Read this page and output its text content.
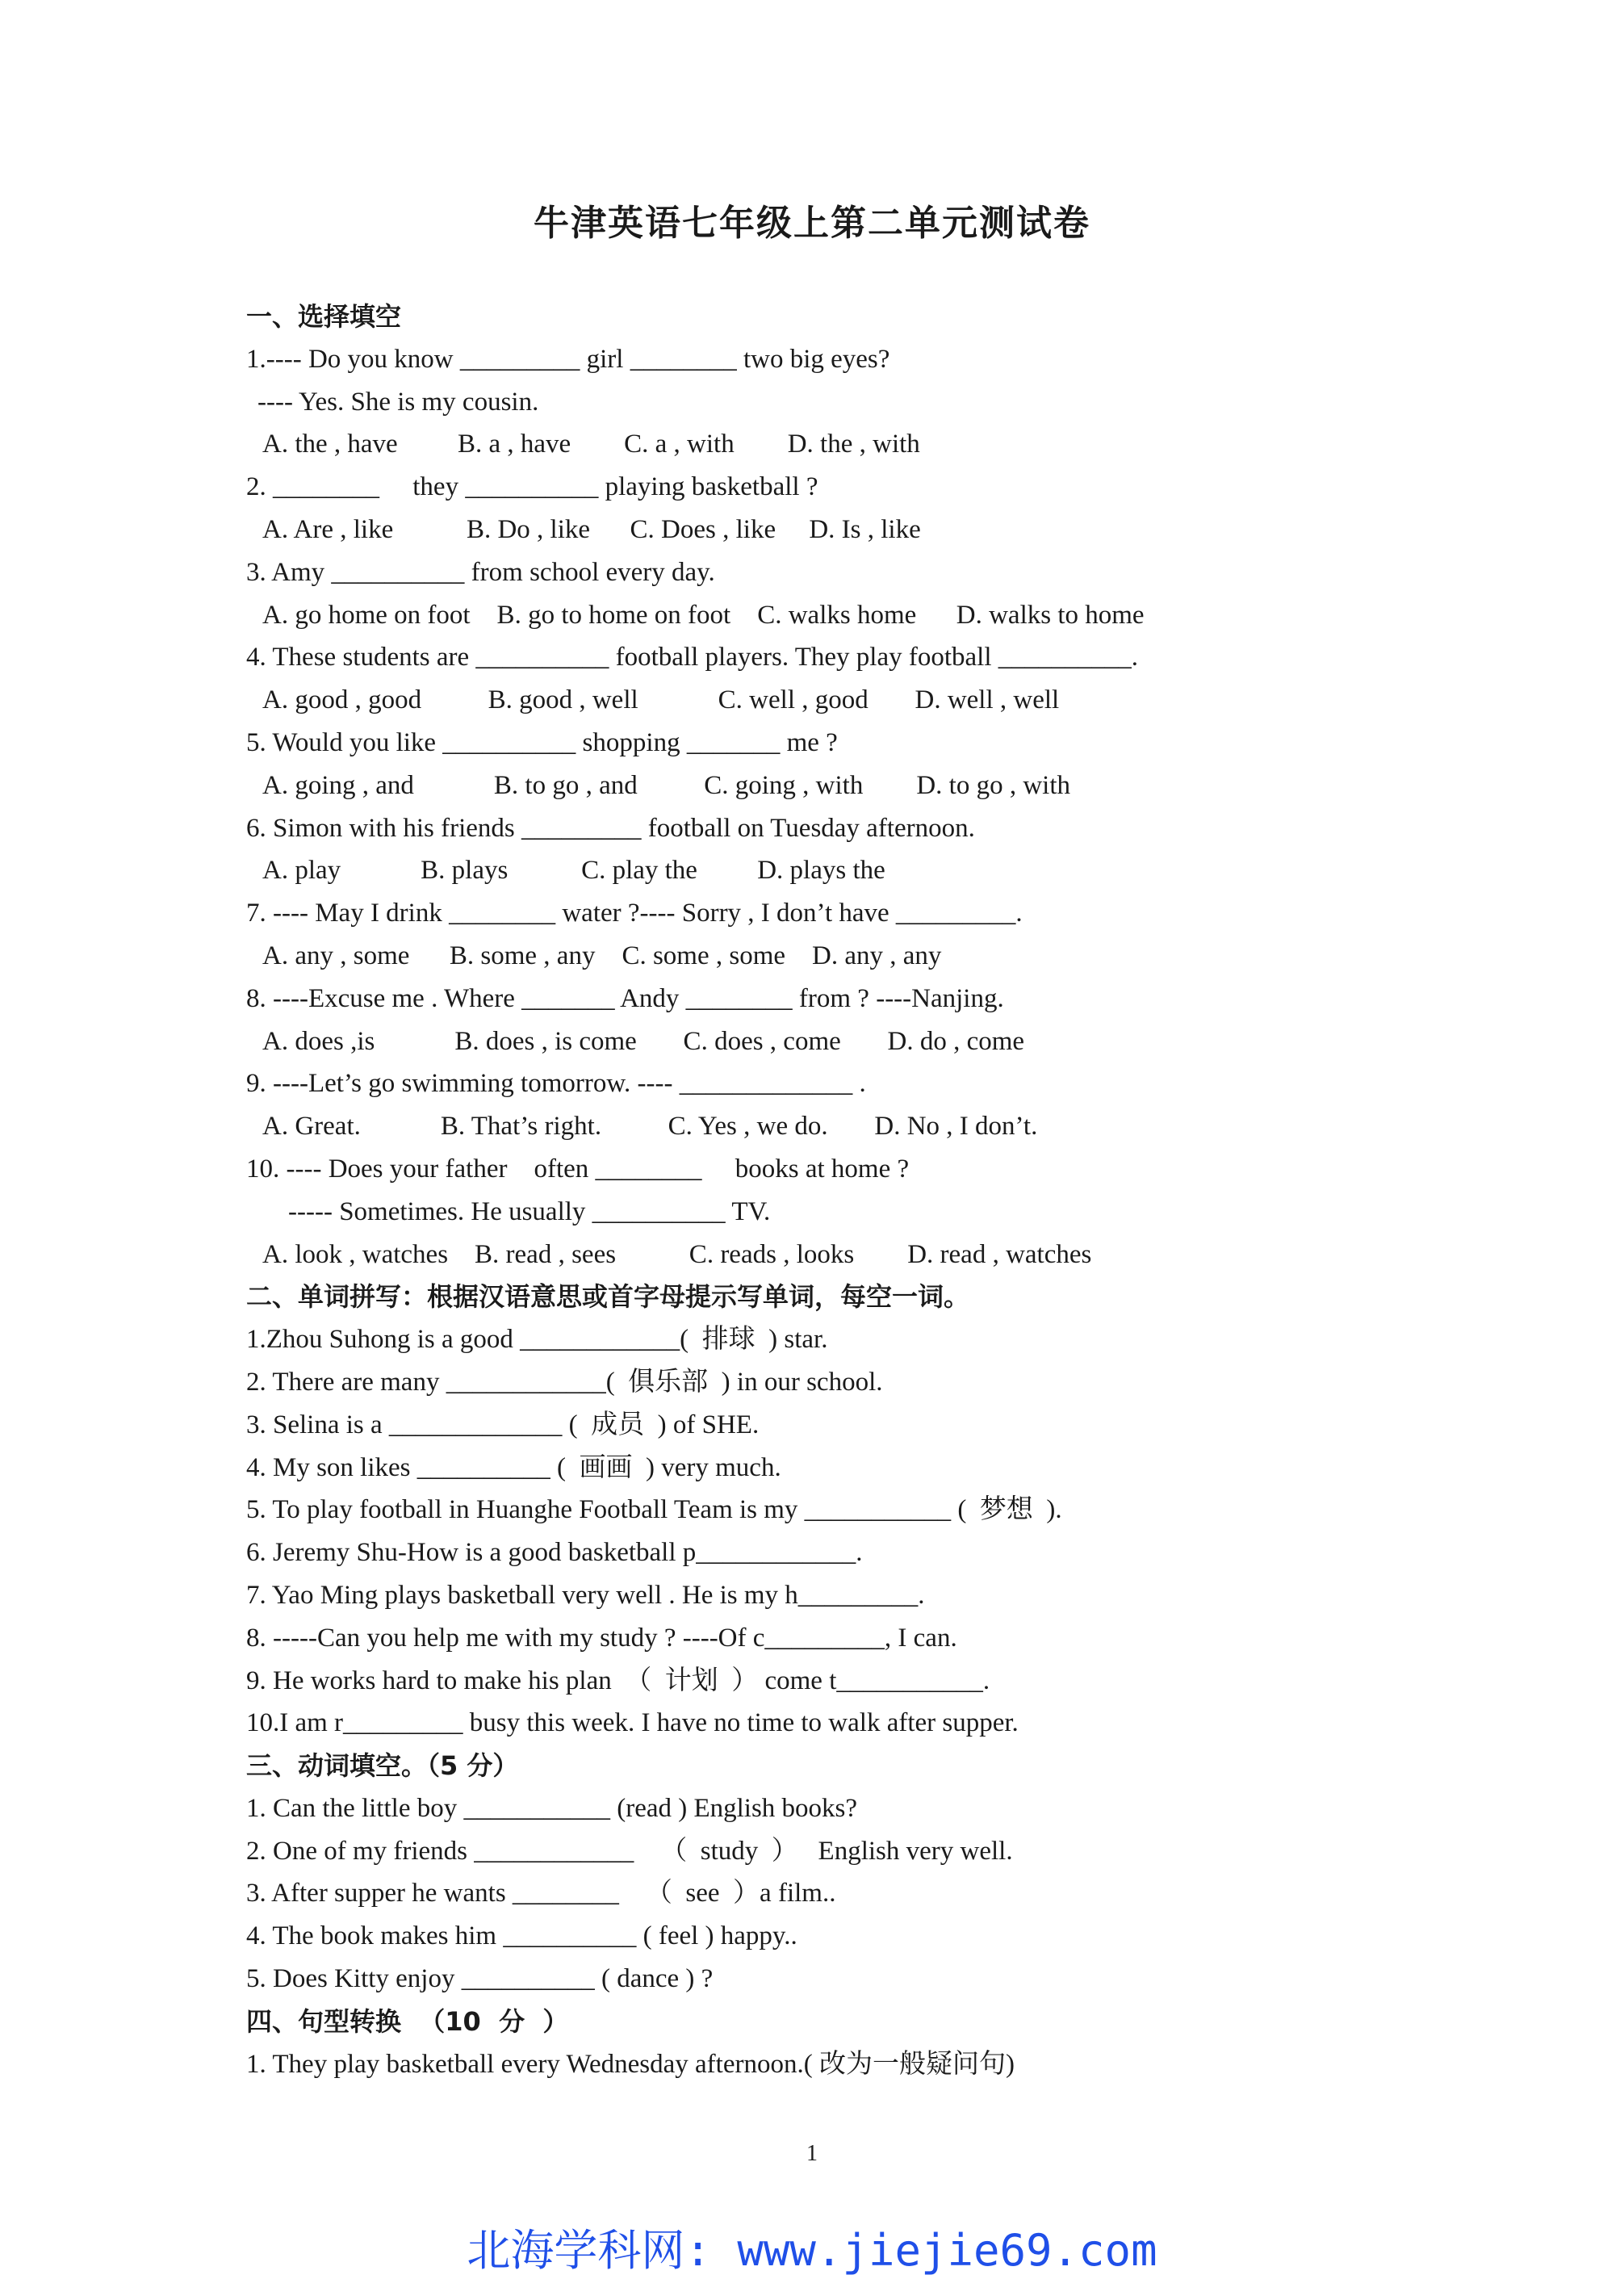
牛津英语七年级上第二单元测试卷
一、选择填空
1.---- Do you know _________ girl ________ two big eyes?
---- Yes. She is my cousin.
A. the , have         B. a , have        C. a , with        D. the , with
2. ________     they __________ playing basketball ?
A. Are , like           B. Do , like      C. Does , like     D. Is , like
3. Amy __________ from school every day.
A. go home on foot    B. go to home on foot    C. walks home      D. walks to home
4. These students are __________ football players. They play football __________.
A. good , good          B. good , well            C. well , good       D. well , well
5. Would you like __________ shopping _______ me ?
A. going , and            B. to go , and          C. going , with        D. to go , with
6. Simon with his friends _________ football on Tuesday afternoon.
A. play            B. plays           C. play the         D. plays the
7. ---- May I drink ________ water ?---- Sorry , I don’t have _________.
A. any , some      B. some , any    C. some , some    D. any , any
8. ----Excuse me . Where _______ Andy ________ from ? ----Nanjing.
A. does ,is            B. does , is come       C. does , come       D. do , come
9. ----Let’s go swimming tomorrow. ---- _____________ .
A. Great.            B. That’s right.          C. Yes , we do.       D. No , I don’t.
10. ---- Does your father    often ________     books at home ?
----- Sometimes. He usually __________ TV.
A. look , watches    B. read , sees           C. reads , looks        D. read , watches
二、单词拼写：根据汉语意思或首字母提示写单词，每空一词。
1.Zhou Suhong is a good ____________(  排球  ) star.
2. There are many ____________(  俱乐部  ) in our school.
3. Selina is a _____________ (  成员  ) of SHE.
4. My son likes __________ (  画画  ) very much.
5. To play football in Huanghe Football Team is my ___________ (  梦想  ).
6. Jeremy Shu-How is a good basketball p____________.
7. Yao Ming plays basketball very well . He is my h_________.
8. -----Can you help me with my study ? ----Of c_________, I can.
9. He works hard to make his plan  （  计划  ） come t___________.
10.I am r_________ busy this week. I have no time to walk after supper.
三、动词填空。（5 分）
1. Can the little boy ___________ (read ) English books?
2. One of my friends ____________    （  study  ）   English very well.
3. After supper he wants ________    （  see  ）a film..
4. The book makes him __________ ( feel ) happy..
5. Does Kitty enjoy __________ ( dance ) ?
四、句型转换  （10  分  ）
1. They play basketball every Wednesday afternoon.( 改为一般疑问句)
1
北海学科网: www.jiejie69.com
